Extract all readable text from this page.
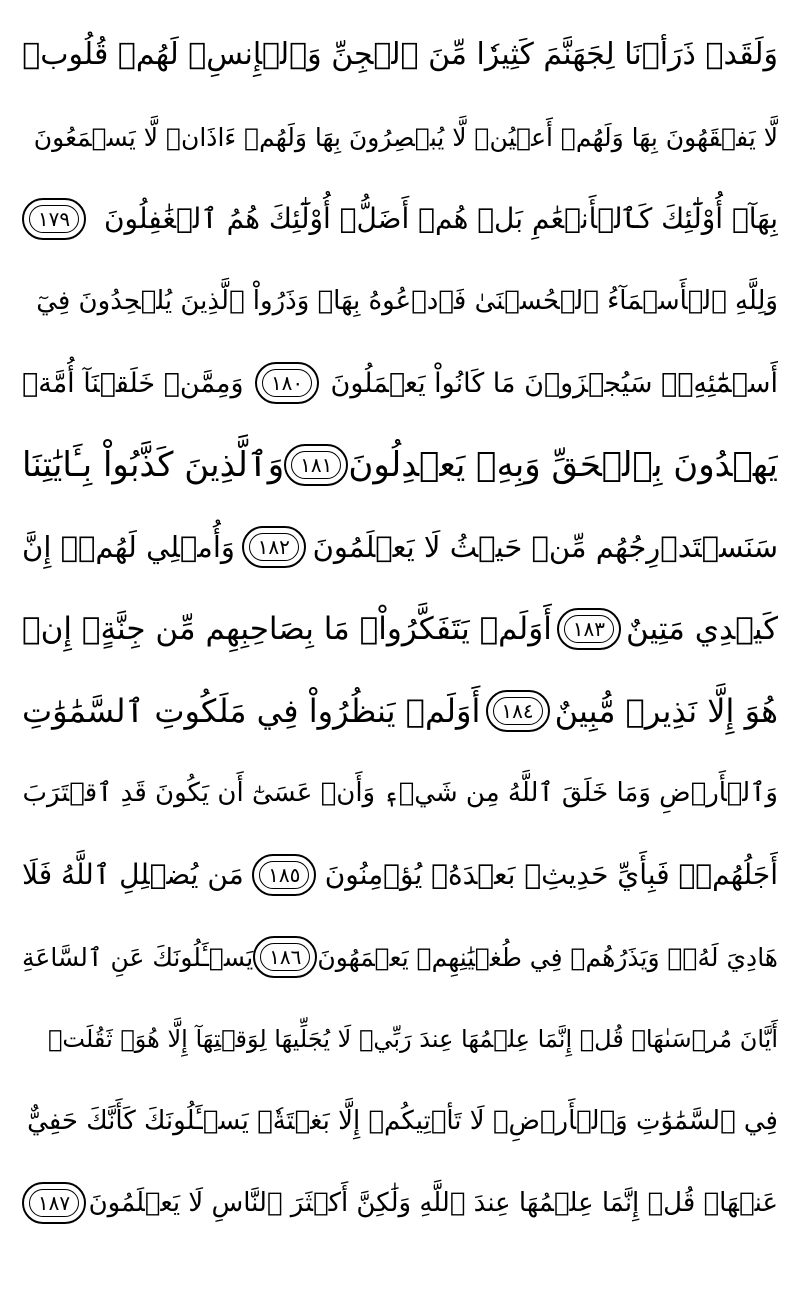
وَلَقَدۡ ذَرَأۡنَا لِجَهَنَّمَ كَثِيرٗا مِّنَ ٱلۡجِنِّ وَٱلۡإِنسِۖ لَهُمۡ قُلُوبٞ
لَّا يَفۡقَهُونَ بِهَا وَلَهُمۡ أَعۡيُنٞ لَّا يُبۡصِرُونَ بِهَا وَلَهُمۡ ءَاذَانٞ لَّا يَسۡمَعُونَ
بِهَآۚ أُوْلَٰٓئِكَ كَٱلۡأَنۡعَٰمِ بَلۡ هُمۡ أَضَلُّۚ أُوْلَٰٓئِكَ هُمُ ٱلۡغَٰفِلُونَ
١٧٩
وَلِلَّهِ ٱلۡأَسۡمَآءُ ٱلۡحُسۡنَىٰ فَٱدۡعُوهُ بِهَاۖ وَذَرُواْ ٱلَّذِينَ يُلۡحِدُونَ فِيٓ
أَسۡمَٰٓئِهِۦۚ سَيُجۡزَوۡنَ مَا كَانُواْ يَعۡمَلُونَ
١٨٠
وَمِمَّنۡ خَلَقۡنَآ أُمَّةٞ
يَهۡدُونَ بِٱلۡحَقِّ وَبِهِۦ يَعۡدِلُونَ
١٨١
وَٱلَّذِينَ كَذَّبُواْ بِـَٔايَٰتِنَا
سَنَسۡتَدۡرِجُهُم مِّنۡ حَيۡثُ لَا يَعۡلَمُونَ
١٨٢
وَأُمۡلِي لَهُمۡۚ إِنَّ
كَيۡدِي مَتِينٌ
١٨٣
أَوَلَمۡ يَتَفَكَّرُواْۗ مَا بِصَاحِبِهِم مِّن جِنَّةٍۚ إِنۡ
هُوَ إِلَّا نَذِيرٞ مُّبِينٌ
١٨٤
أَوَلَمۡ يَنظُرُواْ فِي مَلَكُوتِ ٱلسَّمَٰوَٰتِ
وَٱلۡأَرۡضِ وَمَا خَلَقَ ٱللَّهُ مِن شَيۡءٖ وَأَنۡ عَسَىٰٓ أَن يَكُونَ قَدِ ٱقۡتَرَبَ
أَجَلُهُمۡۖ فَبِأَيِّ حَدِيثِۭ بَعۡدَهُۥ يُؤۡمِنُونَ
١٨٥
مَن يُضۡلِلِ ٱللَّهُ فَلَا
هَادِيَ لَهُۥۚ وَيَذَرُهُمۡ فِي طُغۡيَٰنِهِمۡ يَعۡمَهُونَ
١٨٦
يَسۡـَٔلُونَكَ عَنِ ٱلسَّاعَةِ
أَيَّانَ مُرۡسَىٰهَاۖ قُلۡ إِنَّمَا عِلۡمُهَا عِندَ رَبِّيۖ لَا يُجَلِّيهَا لِوَقۡتِهَآ إِلَّا هُوَۚ ثَقُلَتۡ
فِي ٱلسَّمَٰوَٰتِ وَٱلۡأَرۡضِۚ لَا تَأۡتِيكُمۡ إِلَّا بَغۡتَةٗۗ يَسۡـَٔلُونَكَ كَأَنَّكَ حَفِيٌّ
عَنۡهَاۖ قُلۡ إِنَّمَا عِلۡمُهَا عِندَ ٱللَّهِ وَلَٰكِنَّ أَكۡثَرَ ٱلنَّاسِ لَا يَعۡلَمُونَ
١٨٧
